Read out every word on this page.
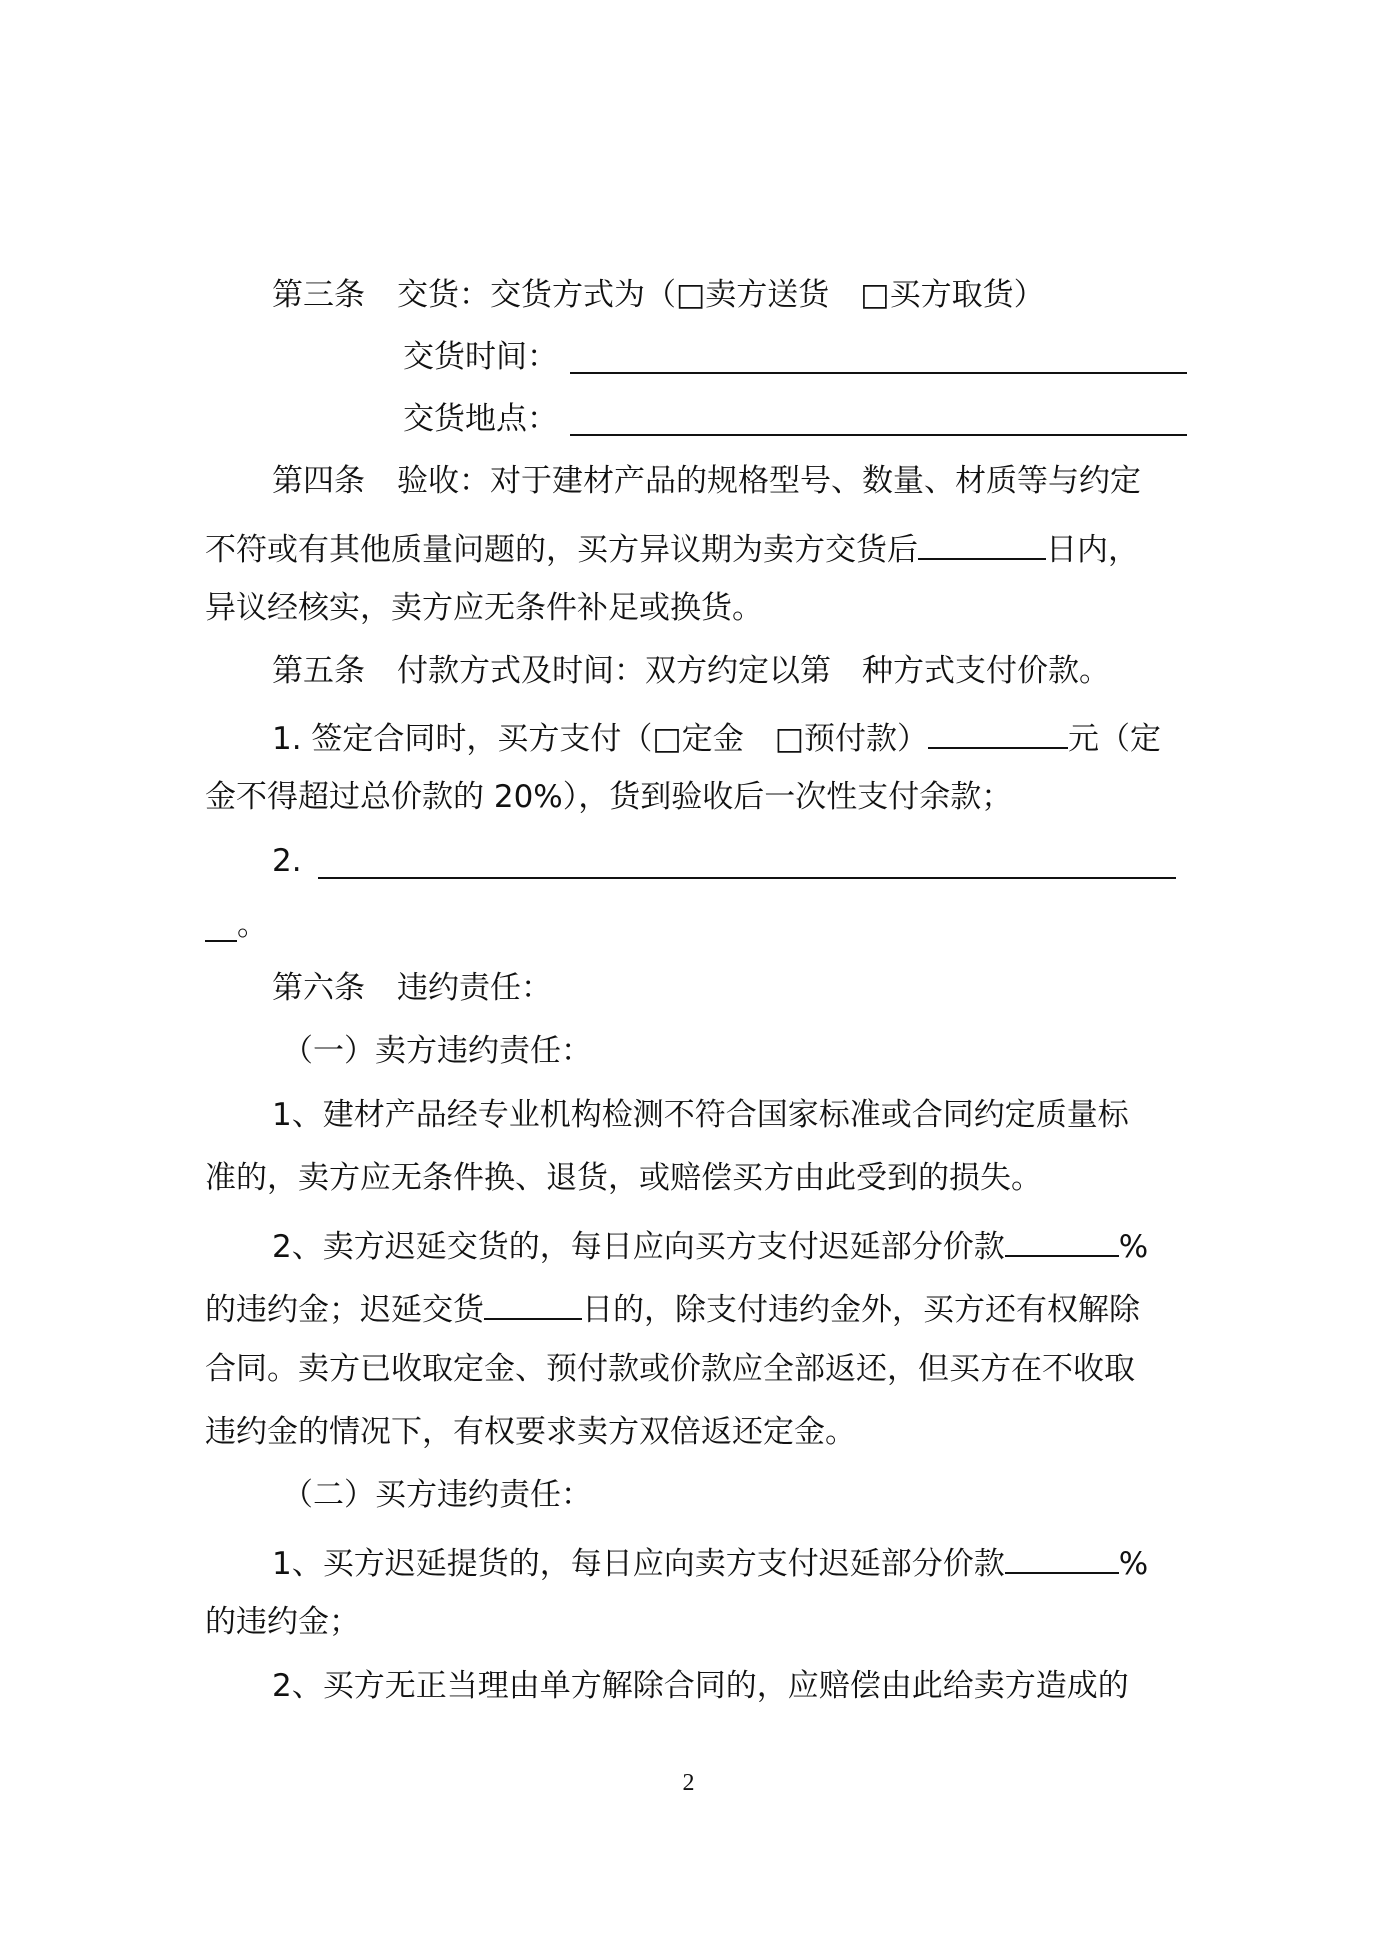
第三条 交货：交货方式为（□卖方送货　□买方取货）
交货时间：
交货地点：
第四条 验收：对于建材产品的规格型号、数量、材质等与约定
不符或有其他质量问题的，买方异议期为卖方交货后	日内，
异议经核实，卖方应无条件补足或换货。
第五条 付款方式及时间：双方约定以第　种方式支付价款。
1. 签定合同时，买方支付（□定金　□预付款）	元（定
金不得超过总价款的 20%），货到验收后一次性支付余款；
2.
。
第六条 违约责任：
（一）卖方违约责任：
1、建材产品经专业机构检测不符合国家标准或合同约定质量标
准的，卖方应无条件换、退货，或赔偿买方由此受到的损失。
2、卖方迟延交货的，每日应向买方支付迟延部分价款	%
的违约金；迟延交货	日的，除支付违约金外，买方还有权解除
合同。卖方已收取定金、预付款或价款应全部返还，但买方在不收取
违约金的情况下，有权要求卖方双倍返还定金。
（二）买方违约责任：
1、买方迟延提货的，每日应向卖方支付迟延部分价款	%
的违约金；
2、买方无正当理由单方解除合同的，应赔偿由此给卖方造成的
2
